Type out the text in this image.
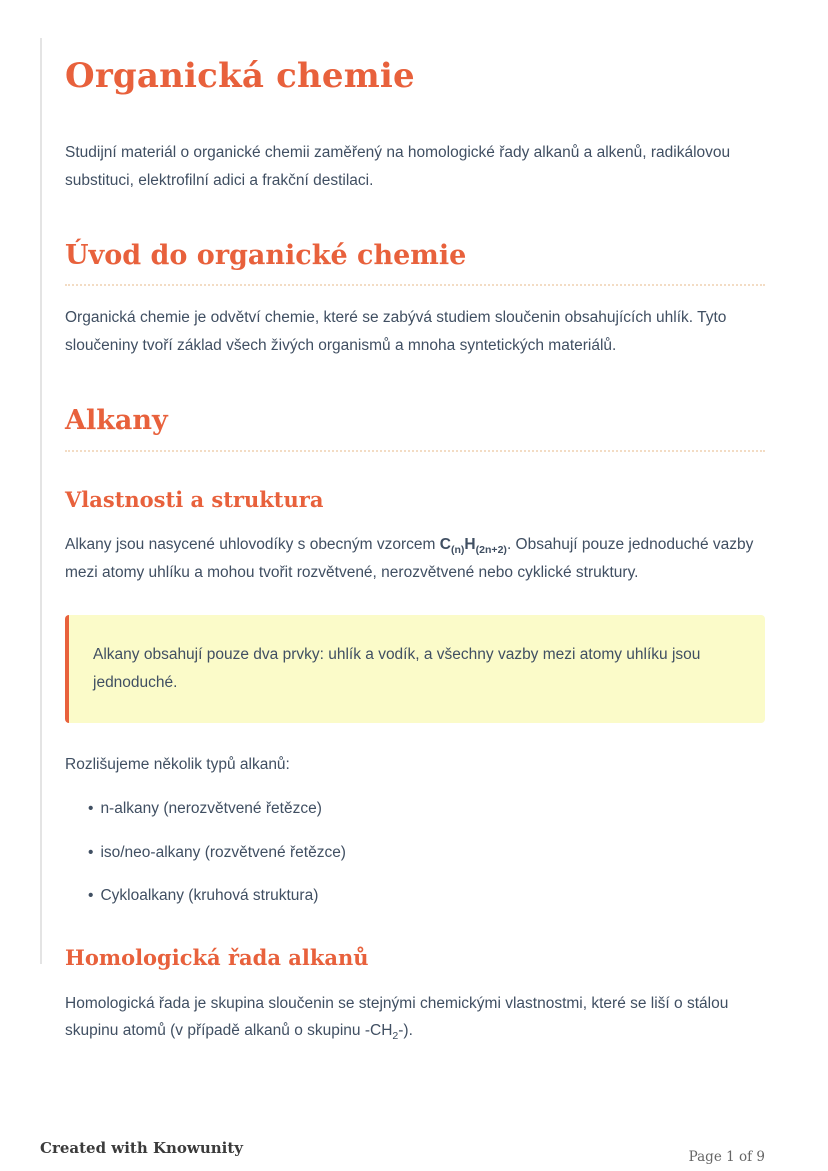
Organická chemie

Studijní materiál o organické chemii zaměřený na homologické řady alkanů a alkenů, radikálovou substituci, elektrofilní adici a frakční destilaci.

Úvod do organické chemie

Organická chemie je odvětví chemie, které se zabývá studiem sloučenin obsahujících uhlík. Tyto sloučeniny tvoří základ všech živých organismů a mnoha syntetických materiálů.

Alkany
Vlastnosti a struktura

Alkany jsou nasycené uhlovodíky s obecným vzorcem $C_{(n)}H_{(2n+2)}$. Obsahují pouze jednoduché vazby mezi atomy uhlíku a mohou tvořit rozvětvené, nerozvětvené nebo cyklické struktury.

Alkany obsahují pouze dva prvky: uhlík a vodík, a všechny vazby mezi atomy uhlíku jsou jednoduché.

Rozlišujeme několik typů alkanů:

• n-alkany (nerozvětvené řetězce)
• iso/neo-alkany (rozvětvené řetězce)
• Cykloalkany (kruhová struktura)
Homologická řada alkanů

Homologická řada je skupina sloučenin se stejnými chemickými vlastnostmi, které se liší o stálou skupinu atomů (v případě alkanů o skupinu $-CH_2-$).

Created with Knowunity	Page 1 of 9
